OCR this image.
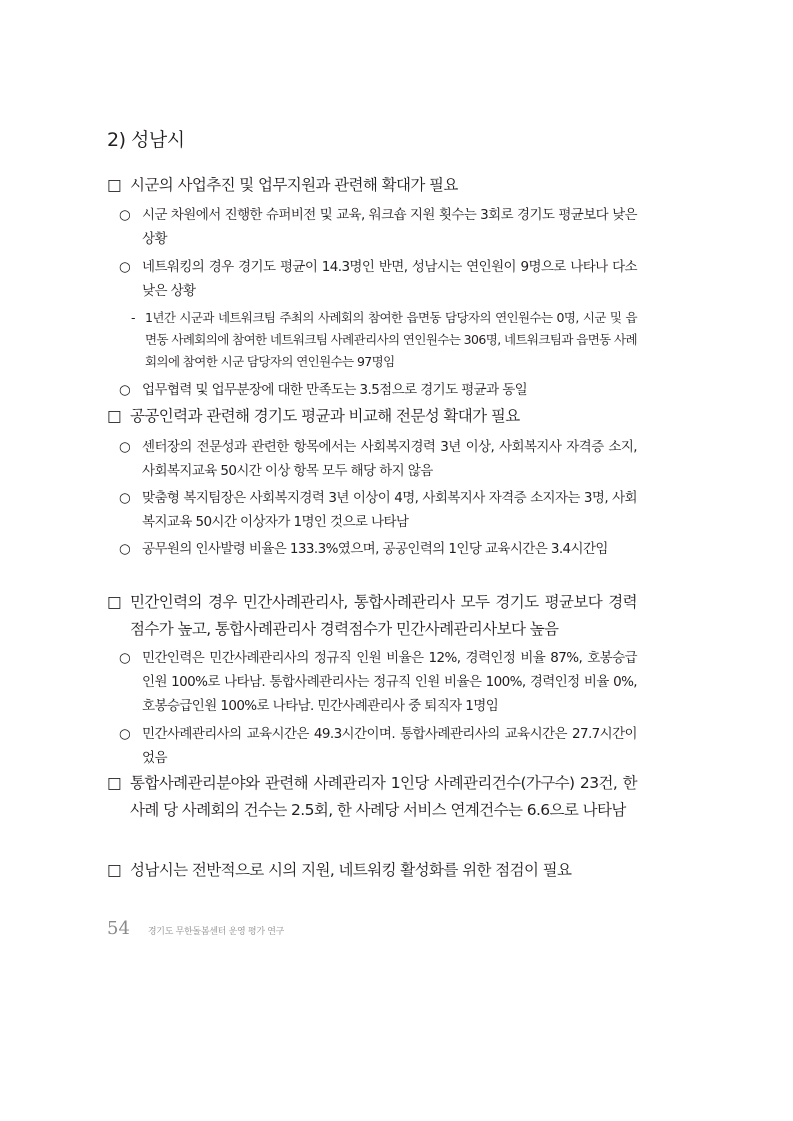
2) 성남시
□ 시군의 사업추진 및 업무지원과 관련해 확대가 필요
○ 시군 차원에서 진행한 슈퍼비전 및 교육, 워크숍 지원 횟수는 3회로 경기도 평균보다 낮은 상황
○ 네트워킹의 경우 경기도 평균이 14.3명인 반면, 성남시는 연인원이 9명으로 나타나 다소 낮은 상황
- 1년간 시군과 네트워크팀 주최의 사례회의 참여한 읍면동 담당자의 연인원수는 0명, 시군 및 읍면동 사례회의에 참여한 네트워크팀 사례관리사의 연인원수는 306명, 네트워크팀과 읍면동 사례회의에 참여한 시군 담당자의 연인원수는 97명임
○ 업무협력 및 업무분장에 대한 만족도는 3.5점으로 경기도 평균과 동일
□ 공공인력과 관련해 경기도 평균과 비교해 전문성 확대가 필요
○ 센터장의 전문성과 관련한 항목에서는 사회복지경력 3년 이상, 사회복지사 자격증 소지, 사회복지교육 50시간 이상 항목 모두 해당 하지 않음
○ 맞춤형 복지팀장은 사회복지경력 3년 이상이 4명, 사회복지사 자격증 소지자는 3명, 사회복지교육 50시간 이상자가 1명인 것으로 나타남
○ 공무원의 인사발령 비율은 133.3%였으며, 공공인력의 1인당 교육시간은 3.4시간임
□ 민간인력의 경우 민간사례관리사, 통합사례관리사 모두 경기도 평균보다 경력점수가 높고, 통합사례관리사 경력점수가 민간사례관리사보다 높음
○ 민간인력은 민간사례관리사의 정규직 인원 비율은 12%, 경력인정 비율 87%, 호봉승급인원 100%로 나타남. 통합사례관리사는 정규직 인원 비율은 100%, 경력인정 비율 0%, 호봉승급인원 100%로 나타남. 민간사례관리사 중 퇴직자 1명임
○ 민간사례관리사의 교육시간은 49.3시간이며. 통합사례관리사의 교육시간은 27.7시간이었음
□ 통합사례관리분야와 관련해 사례관리자 1인당 사례관리건수(가구수) 23건, 한 사례 당 사례회의 건수는 2.5회, 한 사례당 서비스 연계건수는 6.6으로 나타남
□ 성남시는 전반적으로 시의 지원, 네트워킹 활성화를 위한 점검이 필요
54 경기도 무한돌봄센터 운영 평가 연구
